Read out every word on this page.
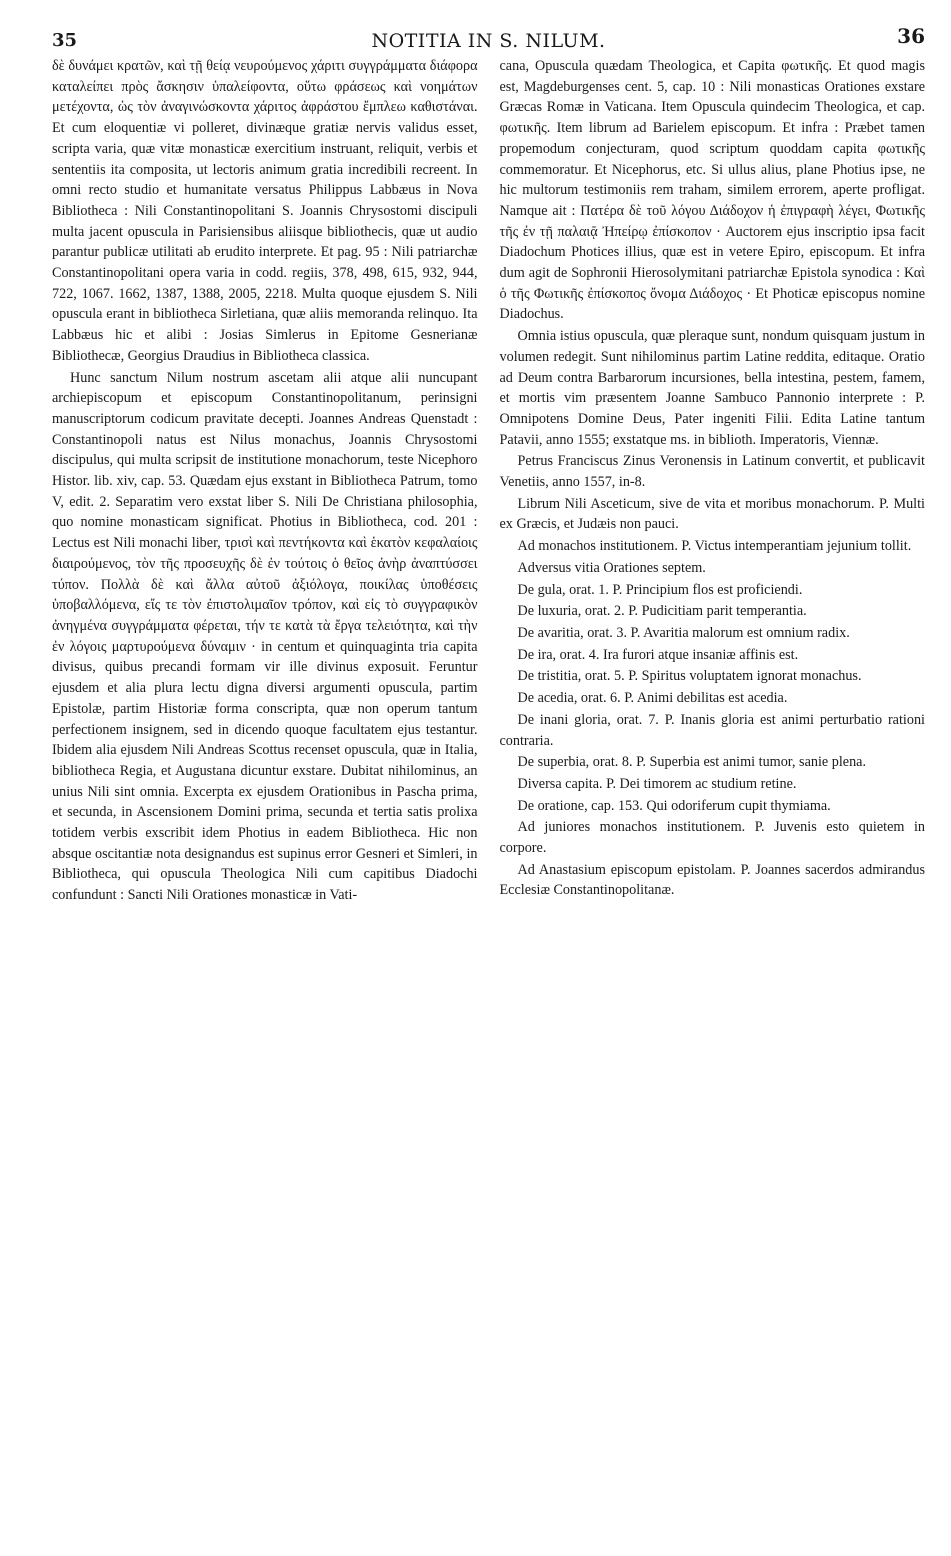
35	NOTITIA IN S. NILUM.	36

δὲ δυνάμει κρατῶν, καὶ τῇ θείᾳ νευρούμενος χάριτι συγγράμματα διάφορα καταλείπει πρὸς ἄσκησιν ὑπαλείφοντα, οὕτω φράσεως καὶ νοημάτων μετέχοντα, ὡς τὸν ἀναγινώσκοντα χάριτος ἀφράστου ἔμπλεω καθιστάναι. Et cum eloquentiæ vi polleret, divinæque gratiæ nervis validus esset, scripta varia, quæ vitæ monasticæ exercitium instruant, reliquit, verbis et sententiis ita composita, ut lectoris animum gratia incredibili recreent. In omni recto studio et humanitate versatus Philippus Labbæus in Nova Bibliotheca : Nili Constantinopolitani S. Joannis Chrysostomi discipuli multa jacent opuscula in Parisiensibus aliisque bibliothecis, quæ ut audio parantur publicæ utilitati ab erudito interprete. Et pag. 95 : Nili patriarchæ Constantinopolitani opera varia in codd. regiis, 378, 498, 615, 932, 944, 722, 1067. 1662, 1387, 1388, 2005, 2218. Multa quoque ejusdem S. Nili opuscula erant in bibliotheca Sirletiana, quæ aliis memoranda relinquo. Ita Labbæus hic et alibi : Josias Simlerus in Epitome Gesnerianæ Bibliothecæ, Georgius Draudius in Bibliotheca classica.

Hunc sanctum Nilum nostrum ascetam alii atque alii nuncupant archiepiscopum et episcopum Constantinopolitanum, perinsigni manuscriptorum codicum pravitate decepti. Joannes Andreas Quenstadt : Constantinopoli natus est Nilus monachus, Joannis Chrysostomi discipulus, qui multa scripsit de institutione monachorum, teste Nicephoro Histor. lib. xiv, cap. 53. Quædam ejus exstant in Bibliotheca Patrum, tomo V, edit. 2. Separatim vero exstat liber S. Nili De Christiana philosophia, quo nomine monasticam significat. Photius in Bibliotheca, cod. 201 : Lectus est Nili monachi liber, τρισὶ καὶ πεντήκοντα καὶ ἑκατὸν κεφαλαίοις διαιρούμενος, τὸν τῆς προσευχῆς δὲ ἐν τούτοις ὁ θεῖος ἀνὴρ ἀναπτύσσει τύπον. Πολλὰ δὲ καὶ ἄλλα αὐτοῦ ἀξιόλογα, ποικίλας ὑποθέσεις ὑποβαλλόμενα, εἴς τε τὸν ἐπιστολιμαῖον τρόπον, καὶ εἰς τὸ συγγραφικὸν ἀνηγμένα συγγράμματα φέρεται, τήν τε κατὰ τὰ ἔργα τελειότητα, καὶ τὴν ἐν λόγοις μαρτυρούμενα δύναμιν · in centum et quinquaginta tria capita divisus, quibus precandi formam vir ille divinus exposuit. Feruntur ejusdem et alia plura lectu digna diversi argumenti opuscula, partim Epistolæ, partim Historiæ forma conscripta, quæ non operum tantum perfectionem insignem, sed in dicendo quoque facultatem ejus testantur. Ibidem alia ejusdem Nili Andreas Scottus recenset opuscula, quæ in Italia, bibliotheca Regia, et Augustana dicuntur exstare. Dubitat nihilominus, an unius Nili sint omnia. Excerpta ex ejusdem Orationibus in Pascha prima, et secunda, in Ascensionem Domini prima, secunda et tertia satis prolixa totidem verbis exscribit idem Photius in eadem Bibliotheca. Hic non absque oscitantiæ nota designandus est supinus error Gesneri et Simleri, in Bibliotheca, qui opuscula Theologica Nili cum capitibus Diadochi confundunt : Sancti Nili Orationes monasticæ in Vati-

cana, Opuscula quædam Theologica, et Capita φωτικῆς. Et quod magis est, Magdeburgenses cent. 5, cap. 10 : Nili monasticas Orationes exstare Græcas Romæ in Vaticana. Item Opuscula quindecim Theologica, et cap. φωτικῆς. Item librum ad Barielem episcopum. Et infra : Præbet tamen propemodum conjecturam, quod scriptum quoddam capita φωτικῆς commemoratur. Et Nicephorus, etc. Si ullus alius, plane Photius ipse, ne hic multorum testimoniis rem traham, similem errorem, aperte profligat. Namque ait : Πατέρα δὲ τοῦ λόγου Διάδοχον ἡ ἐπιγραφὴ λέγει, Φωτικῆς τῆς ἐν τῇ παλαιᾷ Ἠπείρῳ ἐπίσκοπον · Auctorem ejus inscriptio ipsa facit Diadochum Photices illius, quæ est in vetere Epiro, episcopum. Et infra dum agit de Sophronii Hierosolymitani patriarchæ Epistola synodica : Καὶ ὁ τῆς Φωτικῆς ἐπίσκοπος ὄνομα Διάδοχος · Et Photicæ episcopus nomine Diadochus.

Omnia istius opuscula, quæ pleraque sunt, nondum quisquam justum in volumen redegit. Sunt nihilominus partim Latine reddita, editaque. Oratio ad Deum contra Barbarorum incursiones, bella intestina, pestem, famem, et mortis vim præsentem Joanne Sambuco Pannonio interprete : P. Omnipotens Domine Deus, Pater ingeniti Filii. Edita Latine tantum Patavii, anno 1555; exstatque ms. in biblioth. Imperatoris, Viennæ.

Petrus Franciscus Zinus Veronensis in Latinum convertit, et publicavit Venetiis, anno 1557, in-8.

Librum Nili Asceticum, sive de vita et moribus monachorum. P. Multi ex Græcis, et Judæis non pauci.

Ad monachos institutionem. P. Victus intemperantiam jejunium tollit.

Adversus vitia Orationes septem.

De gula, orat. 1. P. Principium flos est proficiendi.

De luxuria, orat. 2. P. Pudicitiam parit temperantia.

De avaritia, orat. 3. P. Avaritia malorum est omnium radix.

De ira, orat. 4. Ira furori atque insaniæ affinis est.

De tristitia, orat. 5. P. Spiritus voluptatem ignorat monachus.

De acedia, orat. 6. P. Animi debilitas est acedia.

De inani gloria, orat. 7. P. Inanis gloria est animi perturbatio rationi contraria.

De superbia, orat. 8. P. Superbia est animi tumor, sanie plena.

Diversa capita. P. Dei timorem ac studium retine.

De oratione, cap. 153. Qui odoriferum cupit thymiama.

Ad juniores monachos institutionem. P. Juvenis esto quietem in corpore.

Ad Anastasium episcopum epistolam. P. Joannes sacerdos admirandus Ecclesiæ Constantinopolitanæ.
